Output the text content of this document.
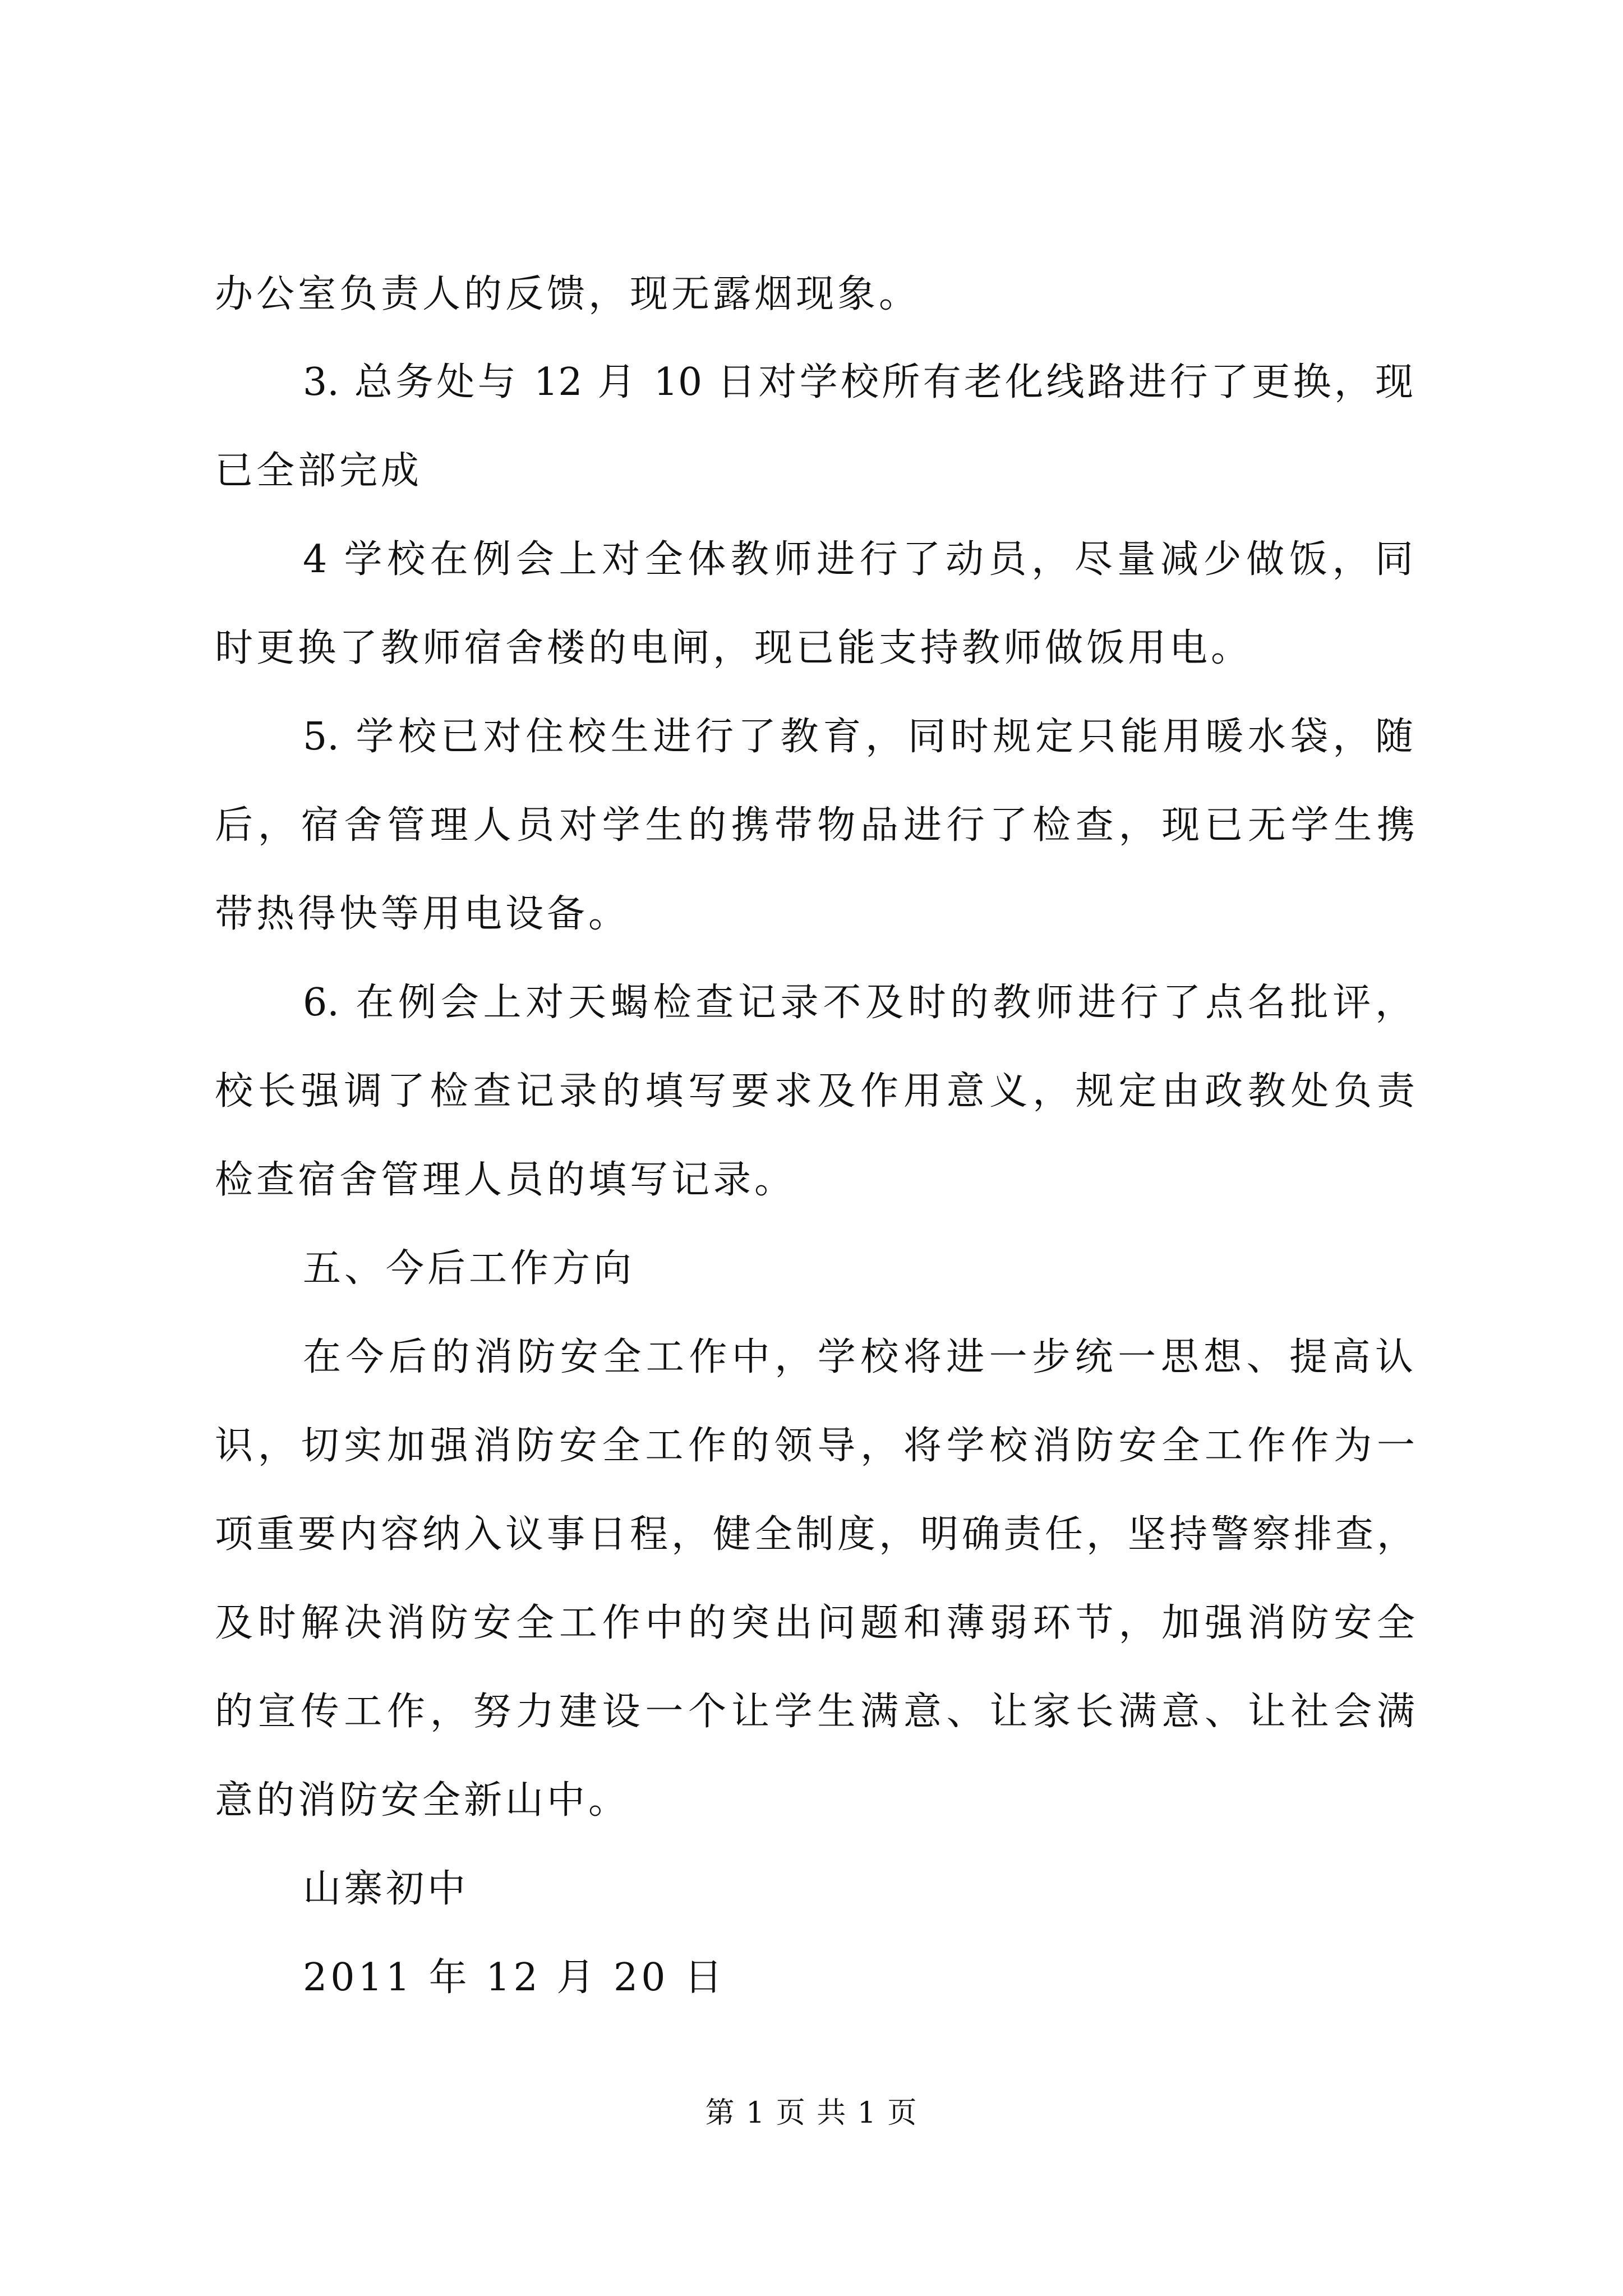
办公室负责人的反馈，现无露烟现象。
3. 总务处与 12 月 10 日对学校所有老化线路进行了更换，现
已全部完成
4 学校在例会上对全体教师进行了动员，尽量减少做饭，同
时更换了教师宿舍楼的电闸，现已能支持教师做饭用电。
5. 学校已对住校生进行了教育，同时规定只能用暖水袋，随
后，宿舍管理人员对学生的携带物品进行了检查，现已无学生携
带热得快等用电设备。
6. 在例会上对天蝎检查记录不及时的教师进行了点名批评，
校长强调了检查记录的填写要求及作用意义，规定由政教处负责
检查宿舍管理人员的填写记录。
五、今后工作方向
在今后的消防安全工作中，学校将进一步统一思想、提高认
识，切实加强消防安全工作的领导，将学校消防安全工作作为一
项重要内容纳入议事日程，健全制度，明确责任，坚持警察排查，
及时解决消防安全工作中的突出问题和薄弱环节，加强消防安全
的宣传工作，努力建设一个让学生满意、让家长满意、让社会满
意的消防安全新山中。
山寨初中
2011 年 12 月 20 日
第 1 页 共 1 页
